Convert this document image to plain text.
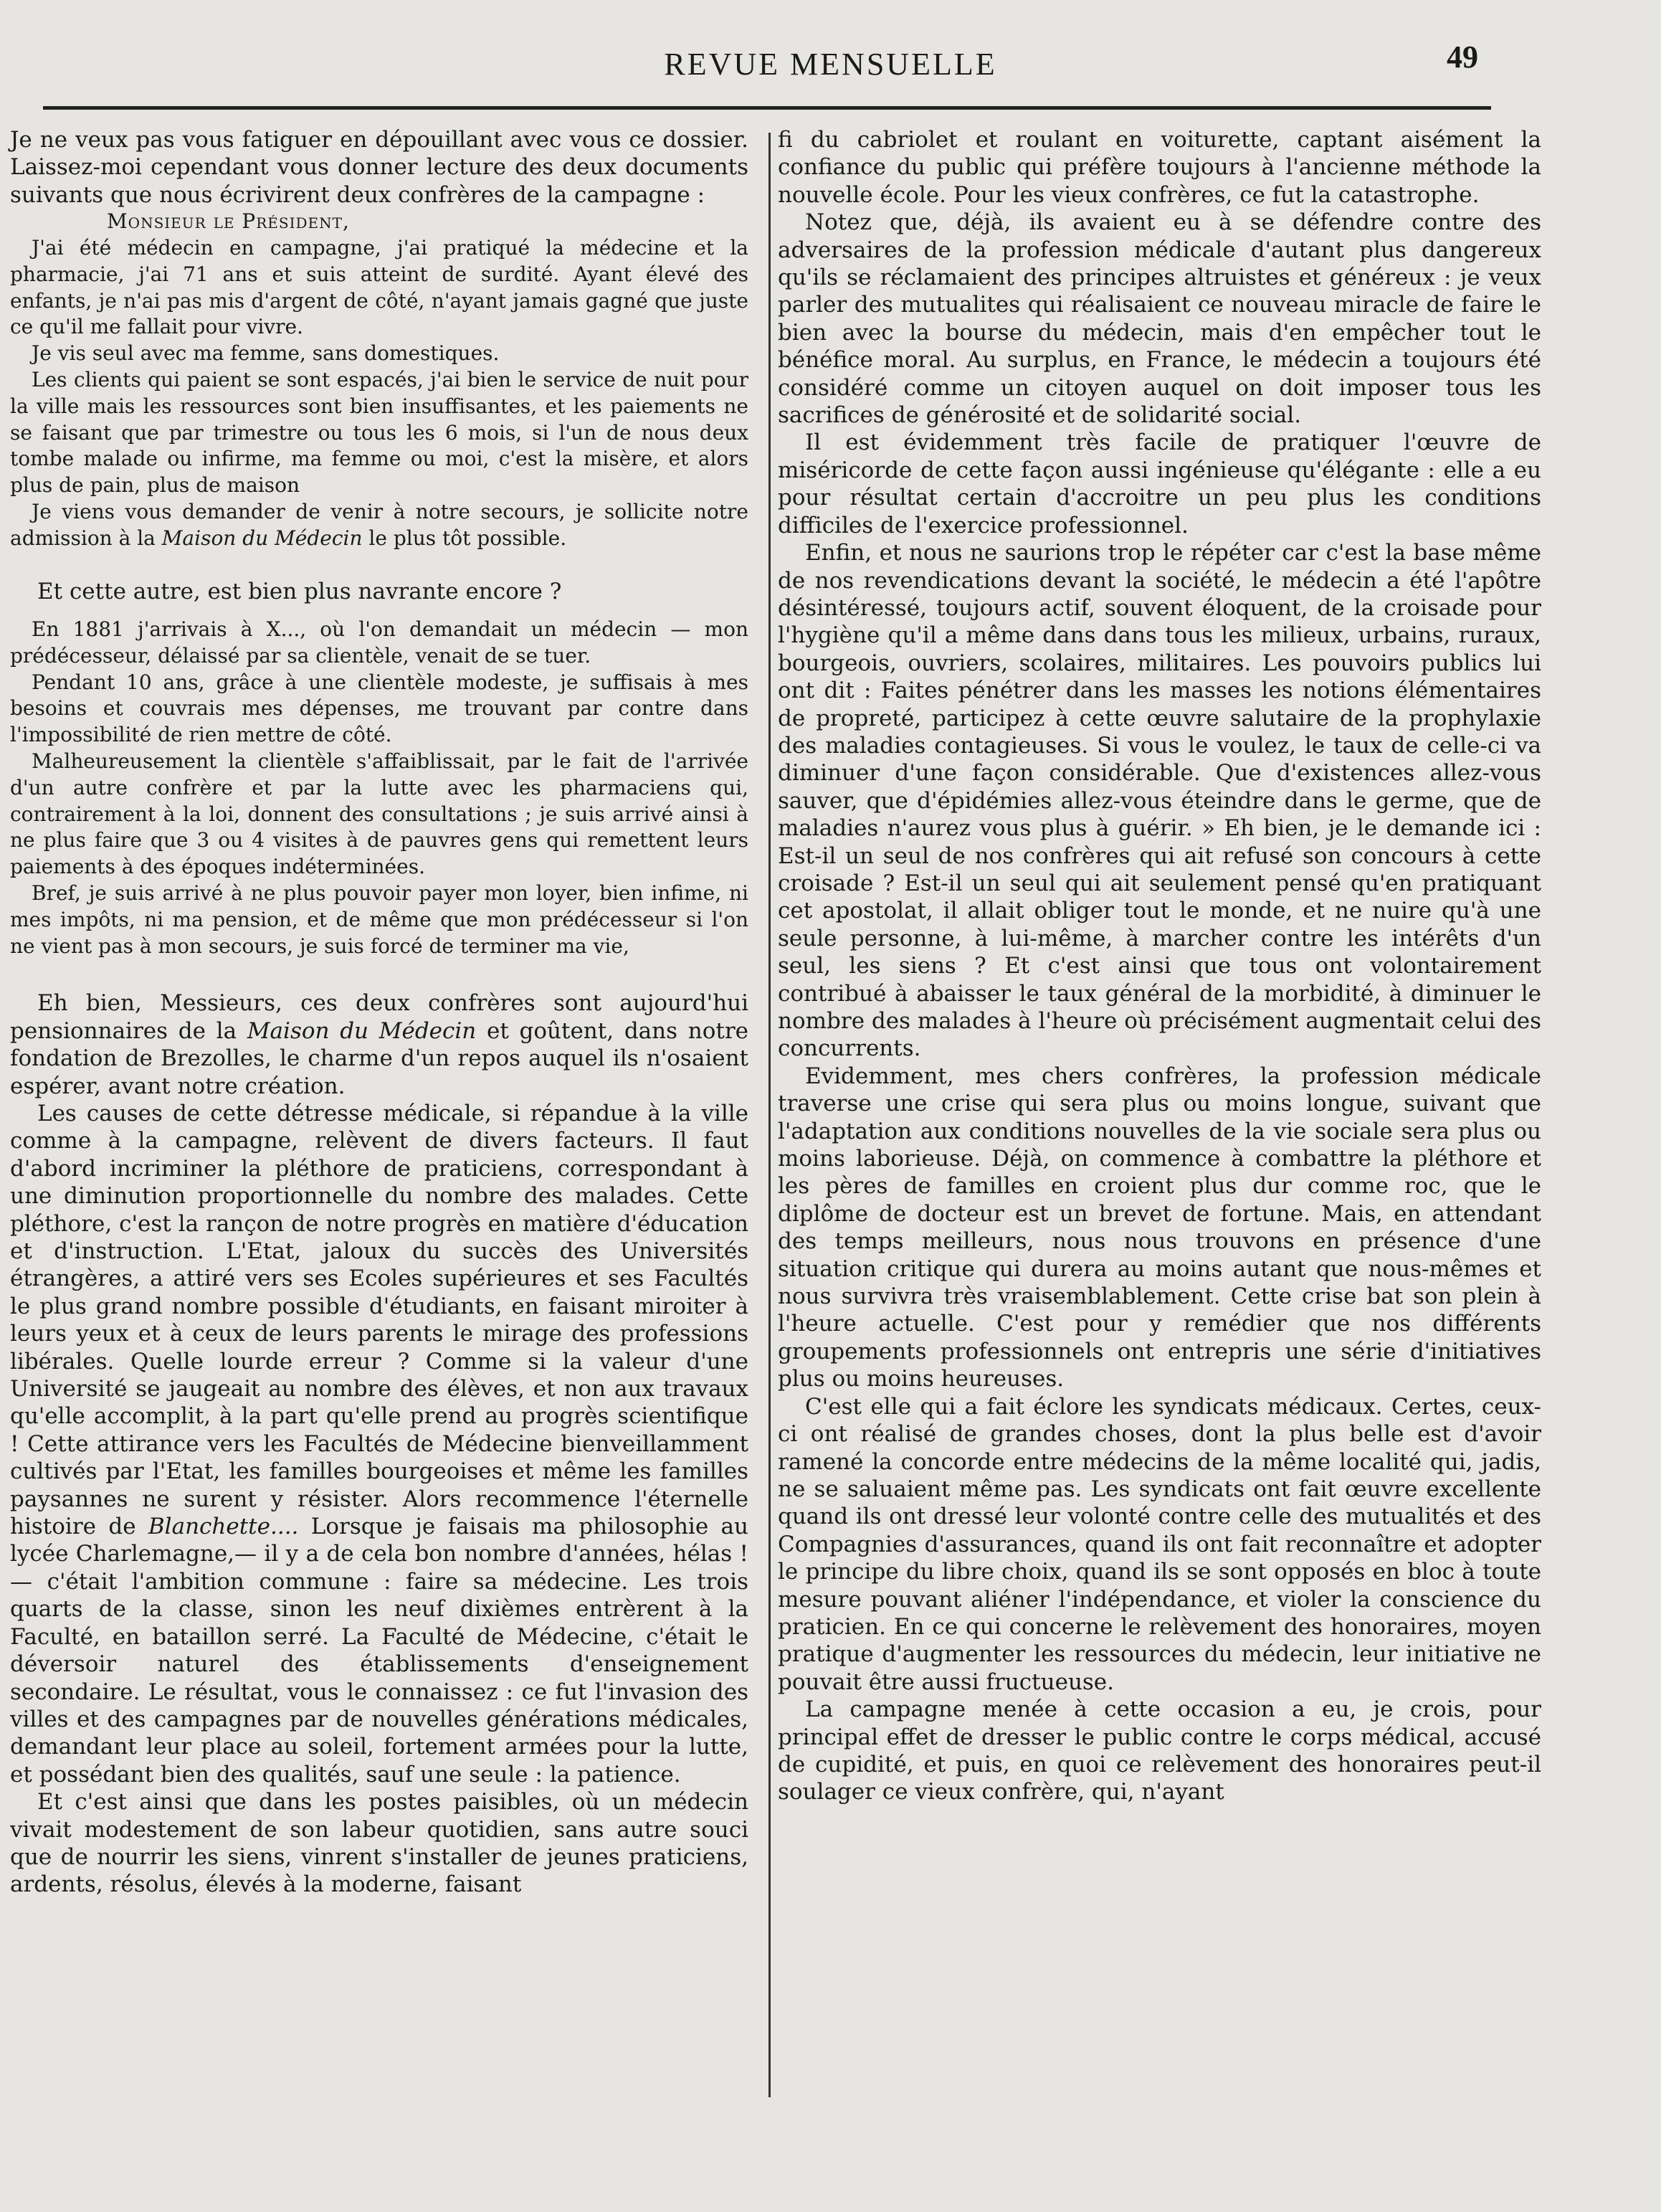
REVUE MENSUELLE	49

Je ne veux pas vous fatiguer en dépouillant avec vous ce dossier. Laissez-moi cependant vous donner lecture des deux documents suivants que nous écrivirent deux confrères de la campagne :

Monsieur le Président,

J'ai été médecin en campagne, j'ai pratiqué la médecine et la pharmacie, j'ai 71 ans et suis atteint de surdité. Ayant élevé des enfants, je n'ai pas mis d'argent de côté, n'ayant jamais gagné que juste ce qu'il me fallait pour vivre.

Je vis seul avec ma femme, sans domestiques.

Les clients qui paient se sont espacés, j'ai bien le service de nuit pour la ville mais les ressources sont bien insuffisantes, et les paiements ne se faisant que par trimestre ou tous les 6 mois, si l'un de nous deux tombe malade ou infirme, ma femme ou moi, c'est la misère, et alors plus de pain, plus de maison

Je viens vous demander de venir à notre secours, je sollicite notre admission à la Maison du Médecin le plus tôt possible.

Et cette autre, est bien plus navrante encore ?

En 1881 j'arrivais à X..., où l'on demandait un médecin — mon prédécesseur, délaissé par sa clientèle, venait de se tuer.

Pendant 10 ans, grâce à une clientèle modeste, je suffisais à mes besoins et couvrais mes dépenses, me trouvant par contre dans l'impossibilité de rien mettre de côté.

Malheureusement la clientèle s'affaiblissait, par le fait de l'arrivée d'un autre confrère et par la lutte avec les pharmaciens qui, contrairement à la loi, donnent des consultations ; je suis arrivé ainsi à ne plus faire que 3 ou 4 visites à de pauvres gens qui remettent leurs paiements à des époques indéterminées.

Bref, je suis arrivé à ne plus pouvoir payer mon loyer, bien infime, ni mes impôts, ni ma pension, et de même que mon prédécesseur si l'on ne vient pas à mon secours, je suis forcé de terminer ma vie,

Eh bien, Messieurs, ces deux confrères sont aujourd'hui pensionnaires de la Maison du Médecin et goûtent, dans notre fondation de Brezolles, le charme d'un repos auquel ils n'osaient espérer, avant notre création.

Les causes de cette détresse médicale, si répandue à la ville comme à la campagne, relèvent de divers facteurs. Il faut d'abord incriminer la pléthore de praticiens, correspondant à une diminution proportionnelle du nombre des malades. Cette pléthore, c'est la rançon de notre progrès en matière d'éducation et d'instruction. L'Etat, jaloux du succès des Universités étrangères, a attiré vers ses Ecoles supérieures et ses Facultés le plus grand nombre possible d'étudiants, en faisant miroiter à leurs yeux et à ceux de leurs parents le mirage des professions libérales. Quelle lourde erreur ? Comme si la valeur d'une Université se jaugeait au nombre des élèves, et non aux travaux qu'elle accomplit, à la part qu'elle prend au progrès scientifique ! Cette attirance vers les Facultés de Médecine bienveillamment cultivés par l'Etat, les familles bourgeoises et même les familles paysannes ne surent y résister. Alors recommence l'éternelle histoire de Blanchette.... Lorsque je faisais ma philosophie au lycée Charlemagne,— il y a de cela bon nombre d'années, hélas ! — c'était l'ambition commune : faire sa médecine. Les trois quarts de la classe, sinon les neuf dixièmes entrèrent à la Faculté, en bataillon serré. La Faculté de Médecine, c'était le déversoir naturel des établissements d'enseignement secondaire. Le résultat, vous le connaissez : ce fut l'invasion des villes et des campagnes par de nouvelles générations médicales, demandant leur place au soleil, fortement armées pour la lutte, et possédant bien des qualités, sauf une seule : la patience.

Et c'est ainsi que dans les postes paisibles, où un médecin vivait modestement de son labeur quotidien, sans autre souci que de nourrir les siens, vinrent s'installer de jeunes praticiens, ardents, résolus, élevés à la moderne, faisant

fi du cabriolet et roulant en voiturette, captant aisément la confiance du public qui préfère toujours à l'ancienne méthode la nouvelle école. Pour les vieux confrères, ce fut la catastrophe.

Notez que, déjà, ils avaient eu à se défendre contre des adversaires de la profession médicale d'autant plus dangereux qu'ils se réclamaient des principes altruistes et généreux : je veux parler des mutualites qui réalisaient ce nouveau miracle de faire le bien avec la bourse du médecin, mais d'en empêcher tout le bénéfice moral. Au surplus, en France, le médecin a toujours été considéré comme un citoyen auquel on doit imposer tous les sacrifices de générosité et de solidarité social.

Il est évidemment très facile de pratiquer l'œuvre de miséricorde de cette façon aussi ingénieuse qu'élégante : elle a eu pour résultat certain d'accroitre un peu plus les conditions difficiles de l'exercice professionnel.

Enfin, et nous ne saurions trop le répéter car c'est la base même de nos revendications devant la société, le médecin a été l'apôtre désintéressé, toujours actif, souvent éloquent, de la croisade pour l'hygiène qu'il a même dans dans tous les milieux, urbains, ruraux, bourgeois, ouvriers, scolaires, militaires. Les pouvoirs publics lui ont dit : Faites pénétrer dans les masses les notions élémentaires de propreté, participez à cette œuvre salutaire de la prophylaxie des maladies contagieuses. Si vous le voulez, le taux de celle-ci va diminuer d'une façon considérable. Que d'existences allez-vous sauver, que d'épidémies allez-vous éteindre dans le germe, que de maladies n'aurez vous plus à guérir. » Eh bien, je le demande ici : Est-il un seul de nos confrères qui ait refusé son concours à cette croisade ? Est-il un seul qui ait seulement pensé qu'en pratiquant cet apostolat, il allait obliger tout le monde, et ne nuire qu'à une seule personne, à lui-même, à marcher contre les intérêts d'un seul, les siens ? Et c'est ainsi que tous ont volontairement contribué à abaisser le taux général de la morbidité, à diminuer le nombre des malades à l'heure où précisément augmentait celui des concurrents.

Evidemment, mes chers confrères, la profession médicale traverse une crise qui sera plus ou moins longue, suivant que l'adaptation aux conditions nouvelles de la vie sociale sera plus ou moins laborieuse. Déjà, on commence à combattre la pléthore et les pères de familles en croient plus dur comme roc, que le diplôme de docteur est un brevet de fortune. Mais, en attendant des temps meilleurs, nous nous trouvons en présence d'une situation critique qui durera au moins autant que nous-mêmes et nous survivra très vraisemblablement. Cette crise bat son plein à l'heure actuelle. C'est pour y remédier que nos différents groupements professionnels ont entrepris une série d'initiatives plus ou moins heureuses.

C'est elle qui a fait éclore les syndicats médicaux. Certes, ceux-ci ont réalisé de grandes choses, dont la plus belle est d'avoir ramené la concorde entre médecins de la même localité qui, jadis, ne se saluaient même pas. Les syndicats ont fait œuvre excellente quand ils ont dressé leur volonté contre celle des mutualités et des Compagnies d'assurances, quand ils ont fait reconnaître et adopter le principe du libre choix, quand ils se sont opposés en bloc à toute mesure pouvant aliéner l'indépendance, et violer la conscience du praticien. En ce qui concerne le relèvement des honoraires, moyen pratique d'augmenter les ressources du médecin, leur initiative ne pouvait être aussi fructueuse.

La campagne menée à cette occasion a eu, je crois, pour principal effet de dresser le public contre le corps médical, accusé de cupidité, et puis, en quoi ce relèvement des honoraires peut-il soulager ce vieux confrère, qui, n'ayant
